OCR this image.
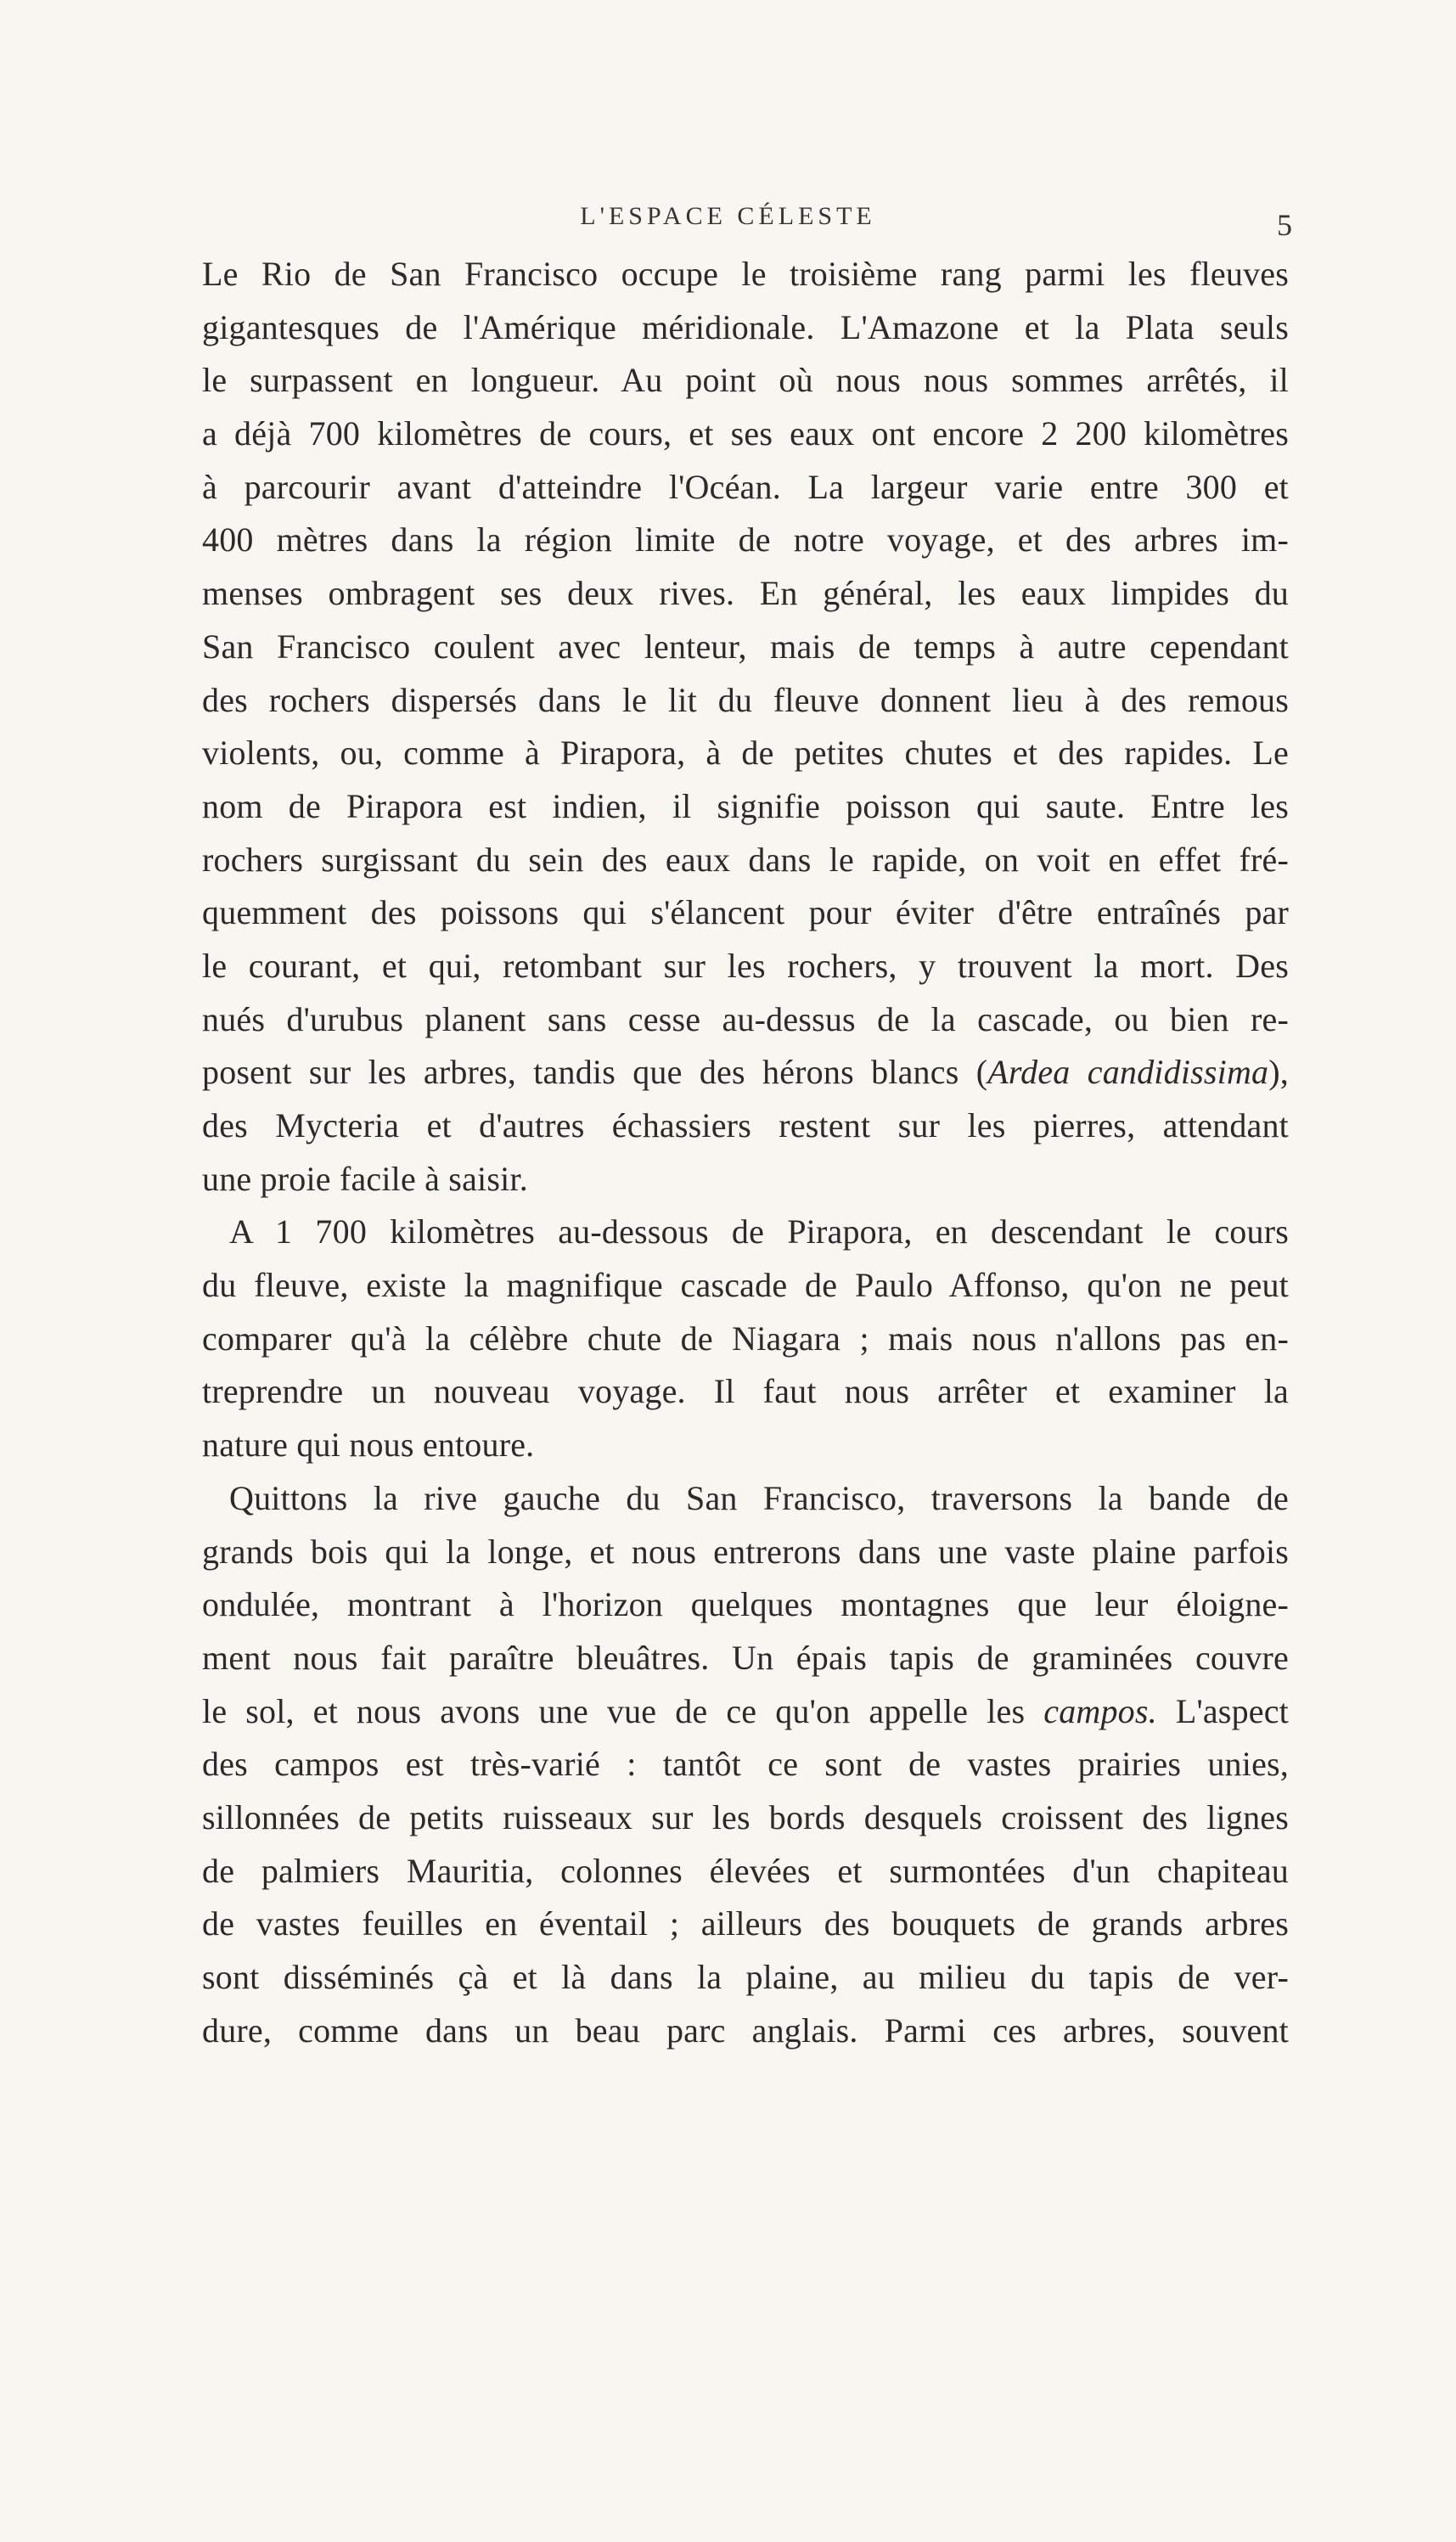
L'ESPACE CÉLESTE	5
Le Rio de San Francisco occupe le troisième rang parmi les fleuves
gigantesques de l'Amérique méridionale. L'Amazone et la Plata seuls
le surpassent en longueur. Au point où nous nous sommes arrêtés, il
a déjà 700 kilomètres de cours, et ses eaux ont encore 2 200 kilomètres
à parcourir avant d'atteindre l'Océan. La largeur varie entre 300 et
400 mètres dans la région limite de notre voyage, et des arbres im-
menses ombragent ses deux rives. En général, les eaux limpides du
San Francisco coulent avec lenteur, mais de temps à autre cependant
des rochers dispersés dans le lit du fleuve donnent lieu à des remous
violents, ou, comme à Pirapora, à de petites chutes et des rapides. Le
nom de Pirapora est indien, il signifie poisson qui saute. Entre les
rochers surgissant du sein des eaux dans le rapide, on voit en effet fré-
quemment des poissons qui s'élancent pour éviter d'être entraînés par
le courant, et qui, retombant sur les rochers, y trouvent la mort. Des
nués d'urubus planent sans cesse au-dessus de la cascade, ou bien re-
posent sur les arbres, tandis que des hérons blancs (Ardea candidissima),
des Mycteria et d'autres échassiers restent sur les pierres, attendant
une proie facile à saisir.
A 1 700 kilomètres au-dessous de Pirapora, en descendant le cours
du fleuve, existe la magnifique cascade de Paulo Affonso, qu'on ne peut
comparer qu'à la célèbre chute de Niagara ; mais nous n'allons pas en-
treprendre un nouveau voyage. Il faut nous arrêter et examiner la
nature qui nous entoure.
Quittons la rive gauche du San Francisco, traversons la bande de
grands bois qui la longe, et nous entrerons dans une vaste plaine parfois
ondulée, montrant à l'horizon quelques montagnes que leur éloigne-
ment nous fait paraître bleuâtres. Un épais tapis de graminées couvre
le sol, et nous avons une vue de ce qu'on appelle les campos. L'aspect
des campos est très-varié : tantôt ce sont de vastes prairies unies,
sillonnées de petits ruisseaux sur les bords desquels croissent des lignes
de palmiers Mauritia, colonnes élevées et surmontées d'un chapiteau
de vastes feuilles en éventail ; ailleurs des bouquets de grands arbres
sont disséminés çà et là dans la plaine, au milieu du tapis de ver-
dure, comme dans un beau parc anglais. Parmi ces arbres, souvent
